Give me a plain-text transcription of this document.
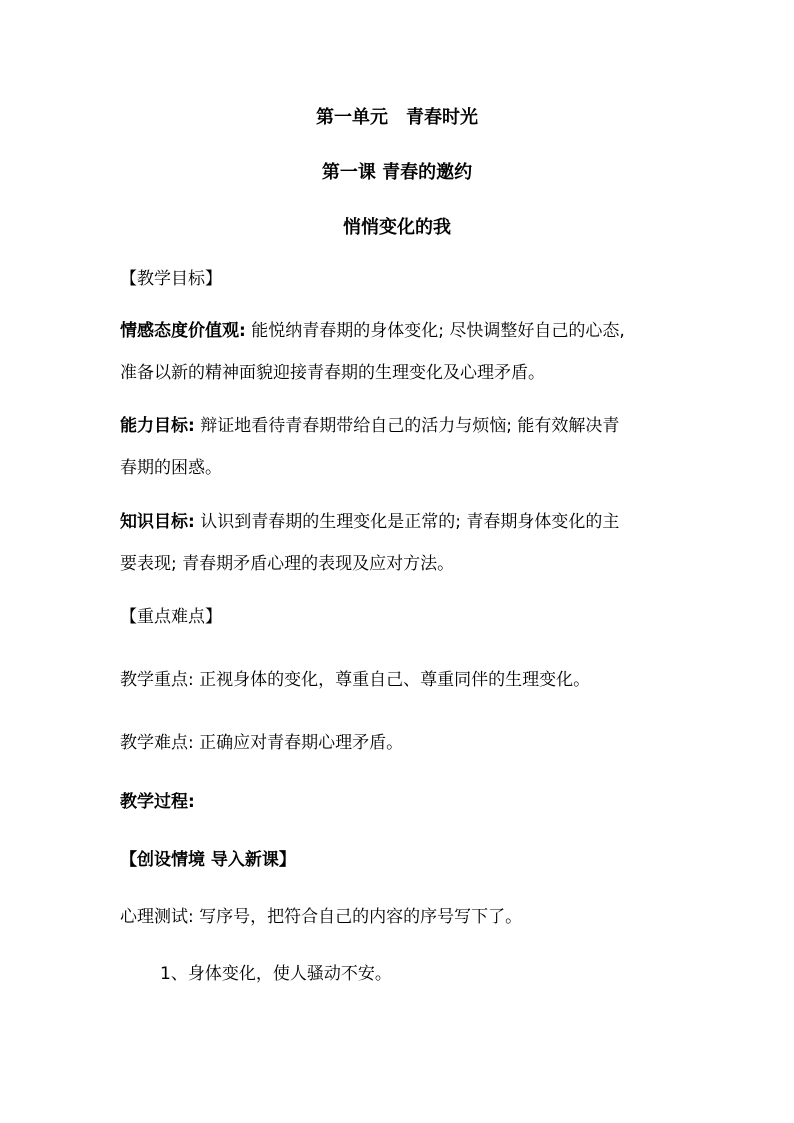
第一单元　青春时光
第一课 青春的邀约
悄悄变化的我
【教学目标】
情感态度价值观: 能悦纳青春期的身体变化; 尽快调整好自己的心态,
准备以新的精神面貌迎接青春期的生理变化及心理矛盾。
能力目标: 辩证地看待青春期带给自己的活力与烦恼; 能有效解决青
春期的困惑。
知识目标: 认识到青春期的生理变化是正常的; 青春期身体变化的主
要表现; 青春期矛盾心理的表现及应对方法。
【重点难点】
教学重点: 正视身体的变化，尊重自己、尊重同伴的生理变化。
教学难点: 正确应对青春期心理矛盾。
教学过程:
【创设情境 导入新课】
心理测试: 写序号，把符合自己的内容的序号写下了。
1、身体变化，使人骚动不安。
